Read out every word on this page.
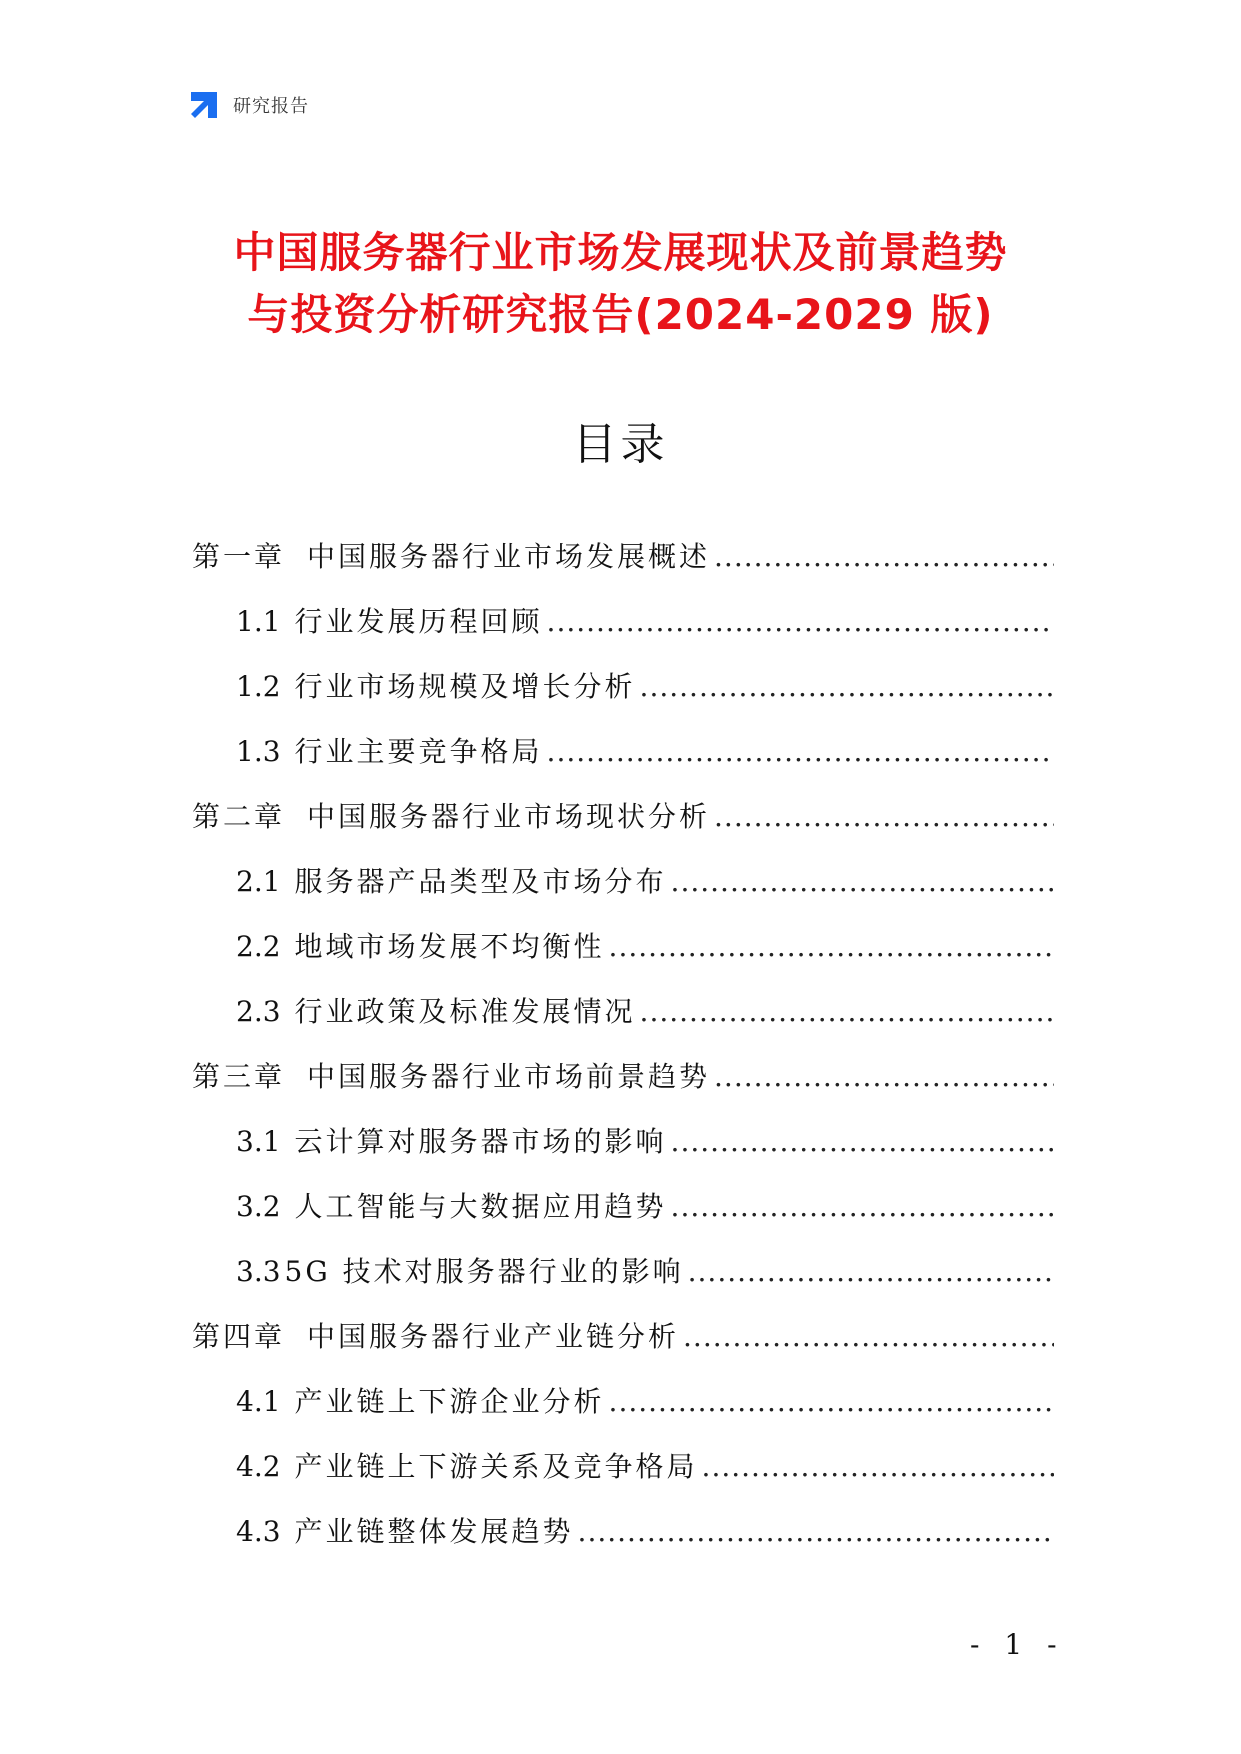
研究报告
中国服务器行业市场发展现状及前景趋势
与投资分析研究报告(2024-2029 版)
目录
第一章 中国服务器行业市场发展概述
.....
1.1 行业发展历程回顾
.....
1.2 行业市场规模及增长分析
.....
1.3 行业主要竞争格局
.....
第二章 中国服务器行业市场现状分析
.....
2.1 服务器产品类型及市场分布
.....
2.2 地域市场发展不均衡性
.....
2.3 行业政策及标准发展情况
.....
第三章 中国服务器行业市场前景趋势
.....
3.1 云计算对服务器市场的影响
.....
3.2 人工智能与大数据应用趋势
.....
3.3 5G 技术对服务器行业的影响
.....
第四章 中国服务器行业产业链分析
.....
4.1 产业链上下游企业分析
.....
4.2 产业链上下游关系及竞争格局
.....
4.3 产业链整体发展趋势
.....
- 1 -
